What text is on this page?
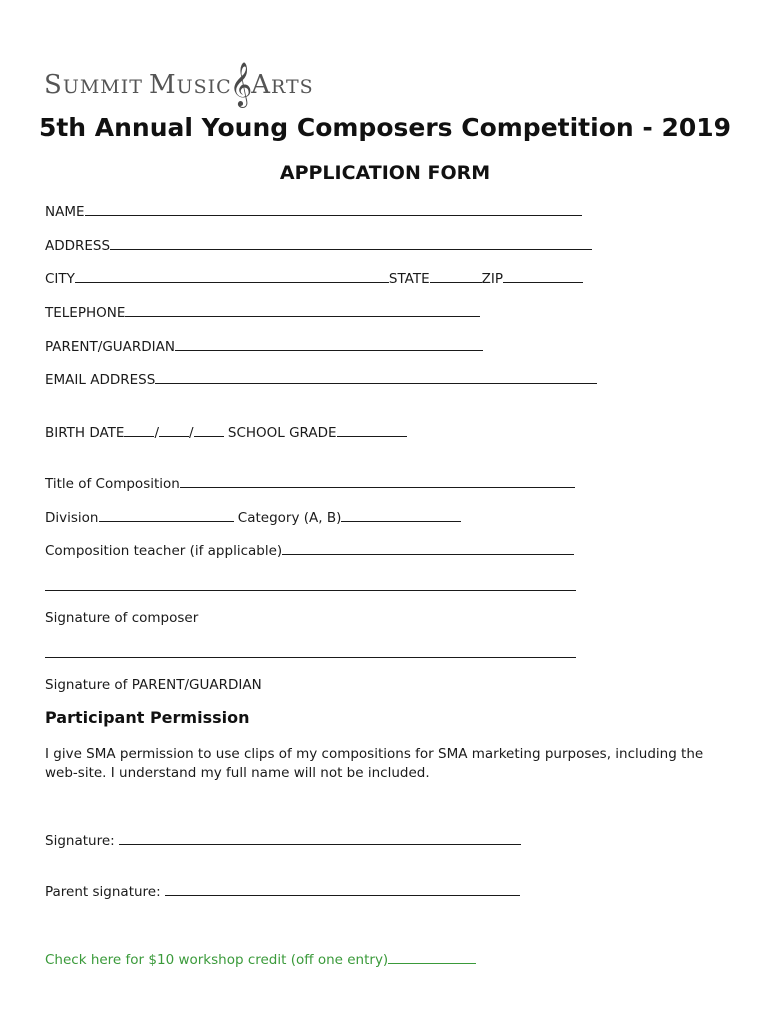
SUMMIT MUSIC𝄞ARTS
5th Annual Young Composers Competition - 2019
APPLICATION FORM
NAME
ADDRESS
CITY	STATE	ZIP
TELEPHONE
PARENT/GUARDIAN
EMAIL ADDRESS
BIRTH DATE / /	SCHOOL GRADE
Title of Composition
Division	Category (A, B)
Composition teacher (if applicable)
Signature of composer
Signature of PARENT/GUARDIAN
Participant Permission
I give SMA permission to use clips of my compositions for SMA marketing purposes, including the web-site. I understand my full name will not be included.
Signature:
Parent signature:
Check here for $10 workshop credit (off one entry)
